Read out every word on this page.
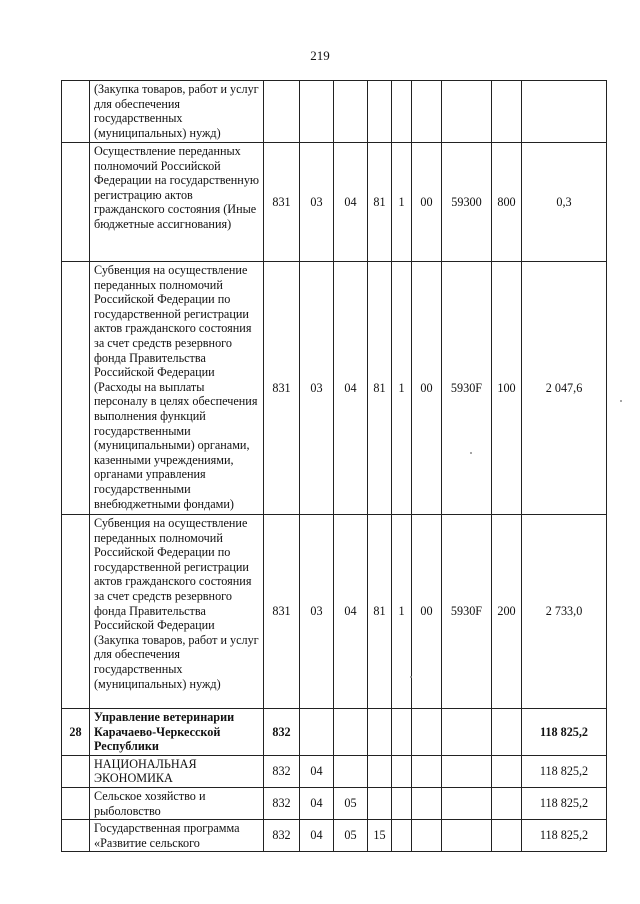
219
	(Закупка товаров, работ и услуг для обеспечения государственных (муниципальных) нужд)									
	Осуществление переданных полномочий Российской Федерации на государственную регистрацию актов гражданского состояния (Иные бюджетные ассигнования)	831	03	04	81	1	00	59300	800	0,3
	Субвенция на осуществление переданных полномочий Российской Федерации по государственной регистрации актов гражданского состояния за счет средств резервного фонда Правительства Российской Федерации (Расходы на выплаты персоналу в целях обеспечения выполнения функций государственными (муниципальными) органами, казенными учреждениями, органами управления государственными внебюджетными фондами)	831	03	04	81	1	00	5930F	100	2 047,6
	Субвенция на осуществление переданных полномочий Российской Федерации по государственной регистрации актов гражданского состояния за счет средств резервного фонда Правительства Российской Федерации (Закупка товаров, работ и услуг для обеспечения государственных (муниципальных) нужд)	831	03	04	81	1	00	5930F	200	2 733,0
28	Управление ветеринарии Карачаево-Черкесской Республики	832								118 825,2
	НАЦИОНАЛЬНАЯ ЭКОНОМИКА	832	04							118 825,2
	Сельское хозяйство и рыболовство	832	04	05						118 825,2
	Государственная программа «Развитие сельского	832	04	05	15					118 825,2
